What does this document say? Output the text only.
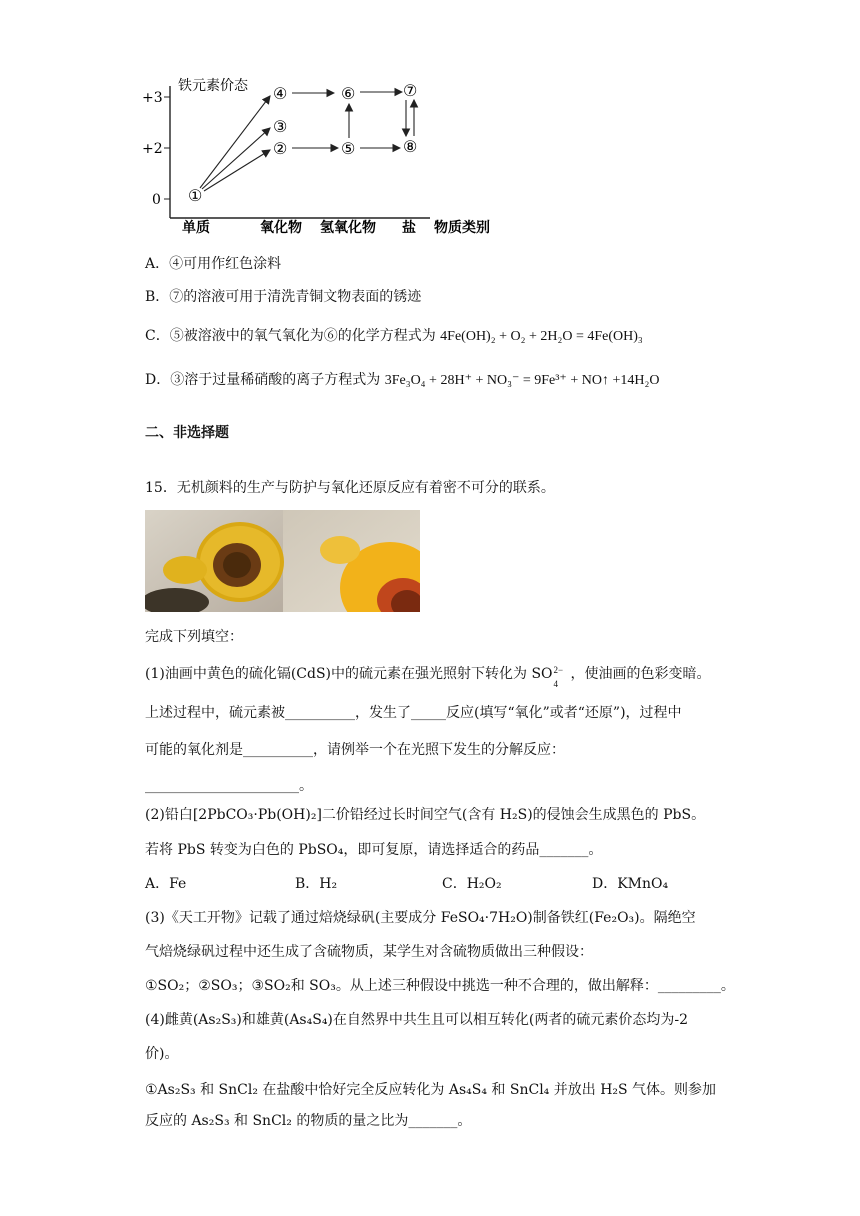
铁元素价态
+3
+2
0
单质	氧化物 氢氧化物 盐 物质类别
①
②
③
④
⑤
⑥	⑦
⑧
A．④可用作红色涂料
B．⑦的溶液可用于清洗青铜文物表面的锈迹
C．⑤被溶液中的氧气氧化为⑥的化学方程式为 4Fe(OH)₂ + O₂ + 2H₂O = 4Fe(OH)₃
D．③溶于过量稀硝酸的离子方程式为 3Fe₃O₄ + 28H⁺ + NO₃⁻ = 9Fe³⁺ + NO↑ +14H₂O
二、非选择题
15．无机颜料的生产与防护与氧化还原反应有着密不可分的联系。
完成下列填空：
(1)油画中黄色的硫化镉(CdS)中的硫元素在强光照射下转化为 SO 2−
4
，使油画的色彩变暗。
上述过程中，硫元素被__________，发生了_____反应(填写“氧化”或者“还原”)，过程中
可能的氧化剂是__________，请例举一个在光照下发生的分解反应：
______________________。
(2)铅白[2PbCO₃·Pb(OH)₂]二价铅经过长时间空气(含有 H₂S)的侵蚀会生成黑色的 PbS。
若将 PbS 转变为白色的 PbSO₄，即可复原，请选择适合的药品_______。
A．Fe	B．H₂	C．H₂O₂	D．KMnO₄
(3)《天工开物》记载了通过焙烧绿矾(主要成分 FeSO₄·7H₂O)制备铁红(Fe₂O₃)。隔绝空
气焙烧绿矾过程中还生成了含硫物质，某学生对含硫物质做出三种假设：
①SO₂；②SO₃；③SO₂和 SO₃。从上述三种假设中挑选一种不合理的，做出解释：_________。
(4)雌黄(As₂S₃)和雄黄(As₄S₄)在自然界中共生且可以相互转化(两者的硫元素价态均为-2
价)。
①As₂S₃ 和 SnCl₂ 在盐酸中恰好完全反应转化为 As₄S₄ 和 SnCl₄ 并放出 H₂S 气体。则参加
反应的 As₂S₃ 和 SnCl₂ 的物质的量之比为_______。
